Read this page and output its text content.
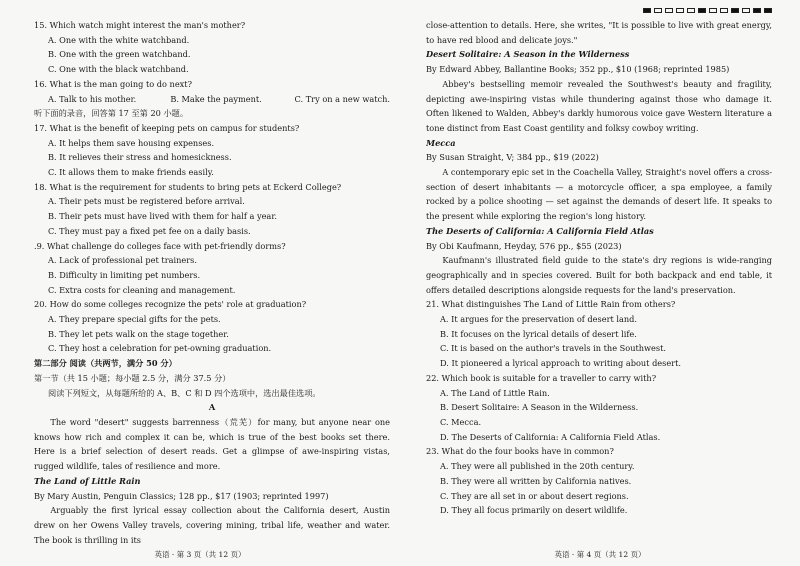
15. Which watch might interest the man's mother?
A. One with the white watchband.
B. One with the green watchband.
C. One with the black watchband.
16. What is the man going to do next?
A. Talk to his mother.	B. Make the payment.	C. Try on a new watch.
听下面的录音，回答第 17 至第 20 小题。
17. What is the benefit of keeping pets on campus for students?
A. It helps them save housing expenses.
B. It relieves their stress and homesickness.
C. It allows them to make friends easily.
18. What is the requirement for students to bring pets at Eckerd College?
A. Their pets must be registered before arrival.
B. Their pets must have lived with them for half a year.
C. They must pay a fixed pet fee on a daily basis.
.9. What challenge do colleges face with pet-friendly dorms?
A. Lack of professional pet trainers.
B. Difficulty in limiting pet numbers.
C. Extra costs for cleaning and management.
20. How do some colleges recognize the pets' role at graduation?
A. They prepare special gifts for the pets.
B. They let pets walk on the stage together.
C. They host a celebration for pet-owning graduation.
第二部分 阅读（共两节，满分 50 分）
第一节（共 15 小题；每小题 2.5 分，满分 37.5 分）
阅读下列短文，从每题所给的 A、B、C 和 D 四个选项中，选出最佳选项。
A
The word "desert" suggests barrenness（荒芜）for many, but anyone near one knows how rich and complex it can be, which is true of the best books set there. Here is a brief selection of desert reads. Get a glimpse of awe-inspiring vistas, rugged wildlife, tales of resilience and more.
The Land of Little Rain
By Mary Austin, Penguin Classics; 128 pp., $17 (1903; reprinted 1997)
Arguably the first lyrical essay collection about the California desert, Austin drew on her Owens Valley travels, covering mining, tribal life, weather and water. The book is thrilling in its
英语 · 第 3 页（共 12 页）
close-attention to details. Here, she writes, "It is possible to live with great energy, to have red blood and delicate joys."
Desert Solitaire: A Season in the Wilderness
By Edward Abbey, Ballantine Books; 352 pp., $10 (1968; reprinted 1985)
Abbey's bestselling memoir revealed the Southwest's beauty and fragility, depicting awe-inspiring vistas while thundering against those who damage it. Often likened to Walden, Abbey's darkly humorous voice gave Western literature a tone distinct from East Coast gentility and folksy cowboy writing.
Mecca
By Susan Straight, V; 384 pp., $19 (2022)
A contemporary epic set in the Coachella Valley, Straight's novel offers a cross-section of desert inhabitants — a motorcycle officer, a spa employee, a family rocked by a police shooting — set against the demands of desert life. It speaks to the present while exploring the region's long history.
The Deserts of California: A California Field Atlas
By Obi Kaufmann, Heyday, 576 pp., $55 (2023)
Kaufmann's illustrated field guide to the state's dry regions is wide-ranging geographically and in species covered. Built for both backpack and end table, it offers detailed descriptions alongside requests for the land's preservation.
21. What distinguishes The Land of Little Rain from others?
A. It argues for the preservation of desert land.
B. It focuses on the lyrical details of desert life.
C. It is based on the author's travels in the Southwest.
D. It pioneered a lyrical approach to writing about desert.
22. Which book is suitable for a traveller to carry with?
A. The Land of Little Rain.
B. Desert Solitaire: A Season in the Wilderness.
C. Mecca.
D. The Deserts of California: A California Field Atlas.
23. What do the four books have in common?
A. They were all published in the 20th century.
B. They were all written by California natives.
C. They are all set in or about desert regions.
D. They all focus primarily on desert wildlife.
英语 · 第 4 页（共 12 页）
